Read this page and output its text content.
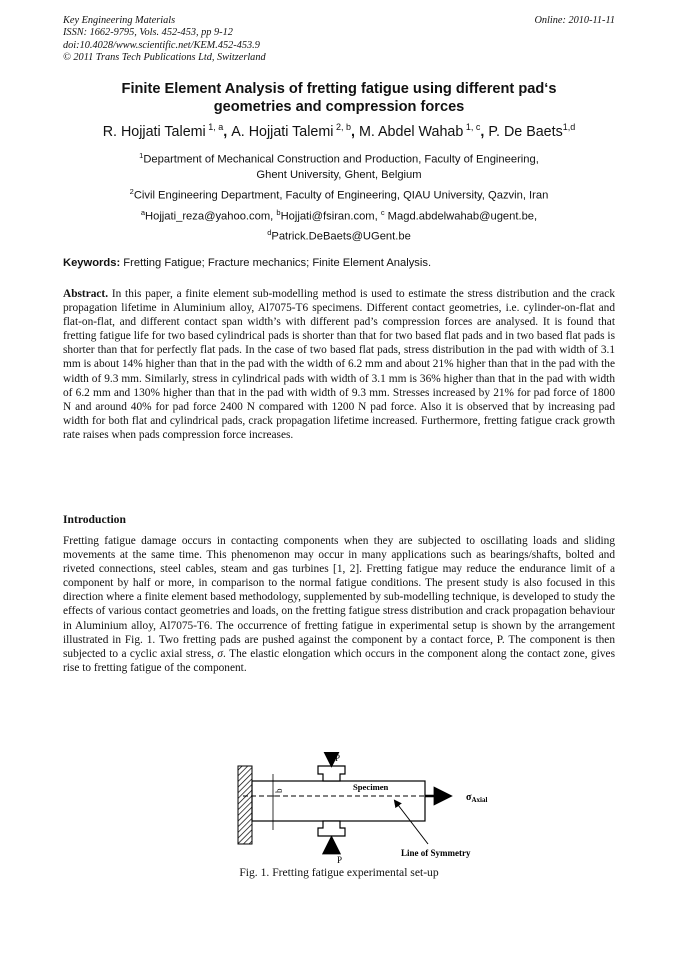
Key Engineering Materials
ISSN: 1662-9795, Vols. 452-453, pp 9-12
doi:10.4028/www.scientific.net/KEM.452-453.9
© 2011 Trans Tech Publications Ltd, Switzerland
Online: 2010-11-11
Finite Element Analysis of fretting fatigue using different pad‘s
geometries and compression forces
R. Hojjati Talemi $^{1, a}$, A. Hojjati Talemi $^{2, b}$, M. Abdel Wahab $^{1, c}$, P. De Baets$^{1,d}$
$^1$Department of Mechanical Construction and Production, Faculty of Engineering,
Ghent University, Ghent, Belgium
$^2$Civil Engineering Department, Faculty of Engineering, QIAU University, Qazvin, Iran
$^a$Hojjati_reza@yahoo.com, $^b$Hojjati@fsiran.com, $^c$ Magd.abdelwahab@ugent.be,
$^d$Patrick.DeBaets@UGent.be
Keywords: Fretting Fatigue; Fracture mechanics; Finite Element Analysis.
Abstract. In this paper, a finite element sub-modelling method is used to estimate the stress distribution and the crack propagation lifetime in Aluminium alloy, Al7075-T6 specimens. Different contact geometries, i.e. cylinder-on-flat and flat-on-flat, and different contact span width’s with different pad’s compression forces are analysed. It is found that fretting fatigue life for two based cylindrical pads is shorter than that for two based flat pads and in two based flat pads is shorter than that for perfectly flat pads. In the case of two based flat pads, stress distribution in the pad with width of 3.1 mm is about 14% higher than that in the pad with the width of 6.2 mm and about 21% higher than that in the pad with the width of 9.3 mm. Similarly, stress in cylindrical pads with width of 3.1 mm is 36% higher than that in the pad with width of 6.2 mm and 130% higher than that in the pad with width of 9.3 mm. Stresses increased by 21% for pad force of 1800 N and around 40% for pad force 2400 N compared with 1200 N pad force. Also it is observed that by increasing pad width for both flat and cylindrical pads, crack propagation lifetime increased. Furthermore, fretting fatigue crack growth rate raises when pads compression force increases.
Introduction
Fretting fatigue damage occurs in contacting components when they are subjected to oscillating loads and sliding movements at the same time. This phenomenon may occur in many applications such as bearings/shafts, bolted and riveted connections, steel cables, steam and gas turbines [1, 2]. Fretting fatigue may reduce the endurance limit of a component by half or more, in comparison to the normal fatigue conditions. The present study is also focused in this direction where a finite element based methodology, supplemented by sub-modelling technique, is developed to study the effects of various contact geometries and loads, on the fretting fatigue stress distribution and crack propagation behaviour in Aluminium alloy, Al7075-T6. The occurrence of fretting fatigue in experimental setup is shown by the arrangement illustrated in Fig. 1. Two fretting pads are pushed against the component by a contact force, P. The component is then subjected to a cyclic axial stress, σ. The elastic elongation which occurs in the component along the contact zone, gives rise to fretting fatigue of the component.
b
P
P
Specimen
$\sigma_{Axial}$
Line of Symmetry
Fig. 1. Fretting fatigue experimental set-up
